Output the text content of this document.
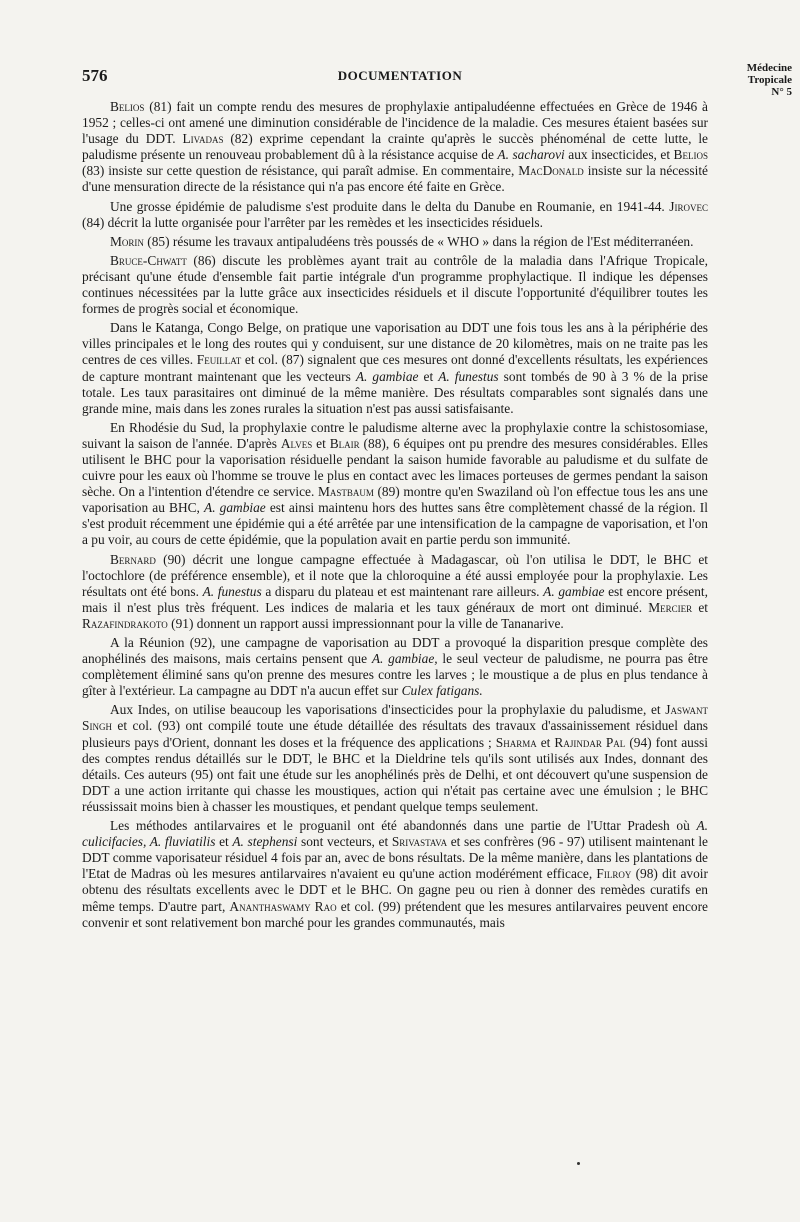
576	DOCUMENTATION	Médecine
Tropicale
N° 5

Belios (81) fait un compte rendu des mesures de prophylaxie antipaludéenne effectuées en Grèce de 1946 à 1952 ; celles-ci ont amené une diminution considérable de l'incidence de la maladie. Ces mesures étaient basées sur l'usage du DDT. Livadas (82) exprime cependant la crainte qu'après le succès phénoménal de cette lutte, le paludisme présente un renouveau probablement dû à la résistance acquise de A. sacharovi aux insecticides, et Belios (83) insiste sur cette question de résistance, qui paraît admise. En commentaire, MacDonald insiste sur la nécessité d'une mensuration directe de la résistance qui n'a pas encore été faite en Grèce.

Une grosse épidémie de paludisme s'est produite dans le delta du Danube en Roumanie, en 1941-44. Jirovec (84) décrit la lutte organisée pour l'arrêter par les remèdes et les insecticides résiduels.

Morin (85) résume les travaux antipaludéens très poussés de « WHO » dans la région de l'Est méditerranéen.

Bruce-Chwatt (86) discute les problèmes ayant trait au contrôle de la maladia dans l'Afrique Tropicale, précisant qu'une étude d'ensemble fait partie intégrale d'un programme prophylactique. Il indique les dépenses continues nécessitées par la lutte grâce aux insecticides résiduels et il discute l'opportunité d'équilibrer toutes les formes de progrès social et économique.

Dans le Katanga, Congo Belge, on pratique une vaporisation au DDT une fois tous les ans à la périphérie des villes principales et le long des routes qui y conduisent, sur une distance de 20 kilomètres, mais on ne traite pas les centres de ces villes. Feuillat et col. (87) signalent que ces mesures ont donné d'excellents résultats, les expériences de capture montrant maintenant que les vecteurs A. gambiae et A. funestus sont tombés de 90 à 3 % de la prise totale. Les taux parasitaires ont diminué de la même manière. Des résultats comparables sont signalés dans une grande mine, mais dans les zones rurales la situation n'est pas aussi satisfaisante.

En Rhodésie du Sud, la prophylaxie contre le paludisme alterne avec la prophylaxie contre la schistosomiase, suivant la saison de l'année. D'après Alves et Blair (88), 6 équipes ont pu prendre des mesures considérables. Elles utilisent le BHC pour la vaporisation résiduelle pendant la saison humide favorable au paludisme et du sulfate de cuivre pour les eaux où l'homme se trouve le plus en contact avec les limaces porteuses de germes pendant la saison sèche. On a l'intention d'étendre ce service. Mastbaum (89) montre qu'en Swaziland où l'on effectue tous les ans une vaporisation au BHC, A. gambiae est ainsi maintenu hors des huttes sans être complètement chassé de la région. Il s'est produit récemment une épidémie qui a été arrêtée par une intensification de la campagne de vaporisation, et l'on a pu voir, au cours de cette épidémie, que la population avait en partie perdu son immunité.

Bernard (90) décrit une longue campagne effectuée à Madagascar, où l'on utilisa le DDT, le BHC et l'octochlore (de préférence ensemble), et il note que la chloroquine a été aussi employée pour la prophylaxie. Les résultats ont été bons. A. funestus a disparu du plateau et est maintenant rare ailleurs. A. gambiae est encore présent, mais il n'est plus très fréquent. Les indices de malaria et les taux généraux de mort ont diminué. Mercier et Razafindrakoto (91) donnent un rapport aussi impressionnant pour la ville de Tananarive.

A la Réunion (92), une campagne de vaporisation au DDT a provoqué la disparition presque complète des anophélinés des maisons, mais certains pensent que A. gambiae, le seul vecteur de paludisme, ne pourra pas être complètement éliminé sans qu'on prenne des mesures contre les larves ; le moustique a de plus en plus tendance à gîter à l'extérieur. La campagne au DDT n'a aucun effet sur Culex fatigans.

Aux Indes, on utilise beaucoup les vaporisations d'insecticides pour la prophylaxie du paludisme, et Jaswant Singh et col. (93) ont compilé toute une étude détaillée des résultats des travaux d'assainissement résiduel dans plusieurs pays d'Orient, donnant les doses et la fréquence des applications ; Sharma et Rajindar Pal (94) font aussi des comptes rendus détaillés sur le DDT, le BHC et la Dieldrine tels qu'ils sont utilisés aux Indes, donnant des détails. Ces auteurs (95) ont fait une étude sur les anophélinés près de Delhi, et ont découvert qu'une suspension de DDT a une action irritante qui chasse les moustiques, action qui n'était pas certaine avec une émulsion ; le BHC réussissait moins bien à chasser les moustiques, et pendant quelque temps seulement.

Les méthodes antilarvaires et le proguanil ont été abandonnés dans une partie de l'Uttar Pradesh où A. culicifacies, A. fluviatilis et A. stephensi sont vecteurs, et Srivastava et ses confrères (96 - 97) utilisent maintenant le DDT comme vaporisateur résiduel 4 fois par an, avec de bons résultats. De la même manière, dans les plantations de l'Etat de Madras où les mesures antilarvaires n'avaient eu qu'une action modérément efficace, Filroy (98) dit avoir obtenu des résultats excellents avec le DDT et le BHC. On gagne peu ou rien à donner des remèdes curatifs en même temps. D'autre part, Ananthaswamy Rao et col. (99) prétendent que les mesures antilarvaires peuvent encore convenir et sont relativement bon marché pour les grandes communautés, mais
